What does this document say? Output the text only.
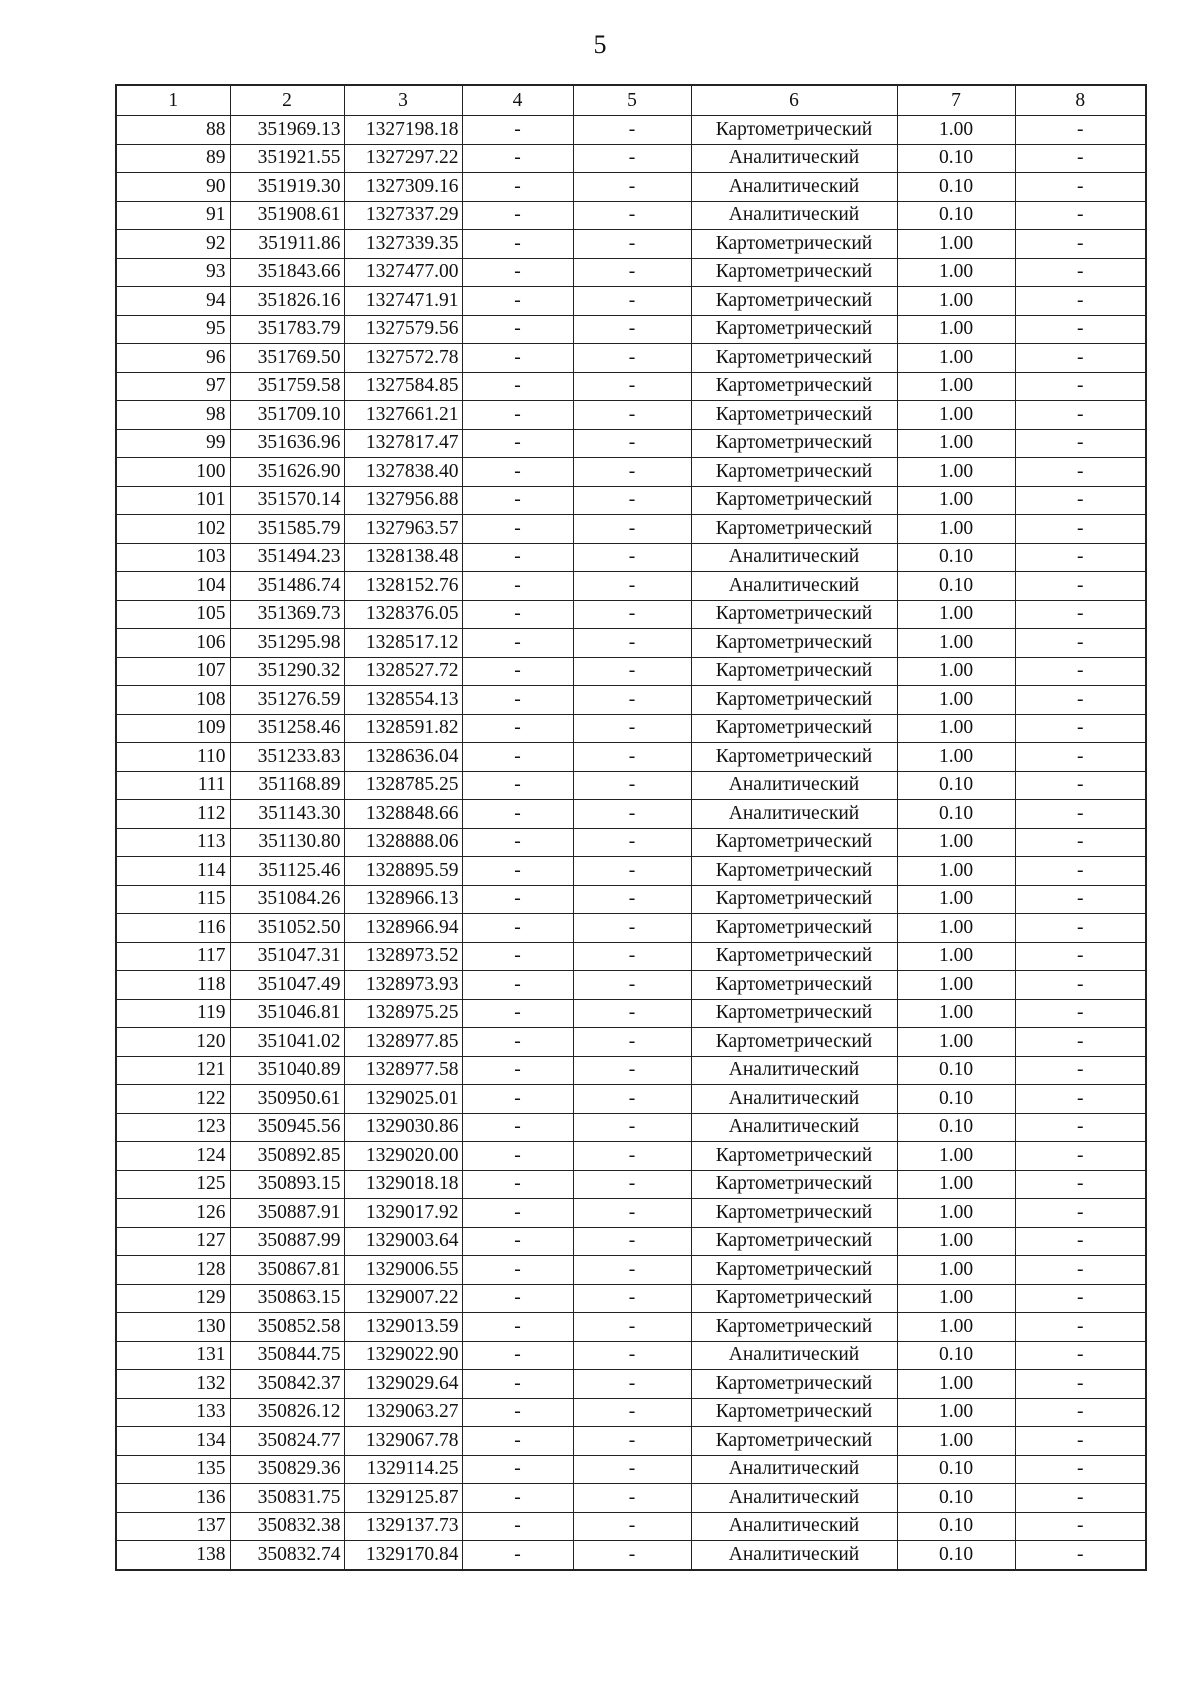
5
1	2	3	4	5	6	7	8
88	351969.13	1327198.18	-	-	Картометрический	1.00	-
89	351921.55	1327297.22	-	-	Аналитический	0.10	-
90	351919.30	1327309.16	-	-	Аналитический	0.10	-
91	351908.61	1327337.29	-	-	Аналитический	0.10	-
92	351911.86	1327339.35	-	-	Картометрический	1.00	-
93	351843.66	1327477.00	-	-	Картометрический	1.00	-
94	351826.16	1327471.91	-	-	Картометрический	1.00	-
95	351783.79	1327579.56	-	-	Картометрический	1.00	-
96	351769.50	1327572.78	-	-	Картометрический	1.00	-
97	351759.58	1327584.85	-	-	Картометрический	1.00	-
98	351709.10	1327661.21	-	-	Картометрический	1.00	-
99	351636.96	1327817.47	-	-	Картометрический	1.00	-
100	351626.90	1327838.40	-	-	Картометрический	1.00	-
101	351570.14	1327956.88	-	-	Картометрический	1.00	-
102	351585.79	1327963.57	-	-	Картометрический	1.00	-
103	351494.23	1328138.48	-	-	Аналитический	0.10	-
104	351486.74	1328152.76	-	-	Аналитический	0.10	-
105	351369.73	1328376.05	-	-	Картометрический	1.00	-
106	351295.98	1328517.12	-	-	Картометрический	1.00	-
107	351290.32	1328527.72	-	-	Картометрический	1.00	-
108	351276.59	1328554.13	-	-	Картометрический	1.00	-
109	351258.46	1328591.82	-	-	Картометрический	1.00	-
110	351233.83	1328636.04	-	-	Картометрический	1.00	-
111	351168.89	1328785.25	-	-	Аналитический	0.10	-
112	351143.30	1328848.66	-	-	Аналитический	0.10	-
113	351130.80	1328888.06	-	-	Картометрический	1.00	-
114	351125.46	1328895.59	-	-	Картометрический	1.00	-
115	351084.26	1328966.13	-	-	Картометрический	1.00	-
116	351052.50	1328966.94	-	-	Картометрический	1.00	-
117	351047.31	1328973.52	-	-	Картометрический	1.00	-
118	351047.49	1328973.93	-	-	Картометрический	1.00	-
119	351046.81	1328975.25	-	-	Картометрический	1.00	-
120	351041.02	1328977.85	-	-	Картометрический	1.00	-
121	351040.89	1328977.58	-	-	Аналитический	0.10	-
122	350950.61	1329025.01	-	-	Аналитический	0.10	-
123	350945.56	1329030.86	-	-	Аналитический	0.10	-
124	350892.85	1329020.00	-	-	Картометрический	1.00	-
125	350893.15	1329018.18	-	-	Картометрический	1.00	-
126	350887.91	1329017.92	-	-	Картометрический	1.00	-
127	350887.99	1329003.64	-	-	Картометрический	1.00	-
128	350867.81	1329006.55	-	-	Картометрический	1.00	-
129	350863.15	1329007.22	-	-	Картометрический	1.00	-
130	350852.58	1329013.59	-	-	Картометрический	1.00	-
131	350844.75	1329022.90	-	-	Аналитический	0.10	-
132	350842.37	1329029.64	-	-	Картометрический	1.00	-
133	350826.12	1329063.27	-	-	Картометрический	1.00	-
134	350824.77	1329067.78	-	-	Картометрический	1.00	-
135	350829.36	1329114.25	-	-	Аналитический	0.10	-
136	350831.75	1329125.87	-	-	Аналитический	0.10	-
137	350832.38	1329137.73	-	-	Аналитический	0.10	-
138	350832.74	1329170.84	-	-	Аналитический	0.10	-
